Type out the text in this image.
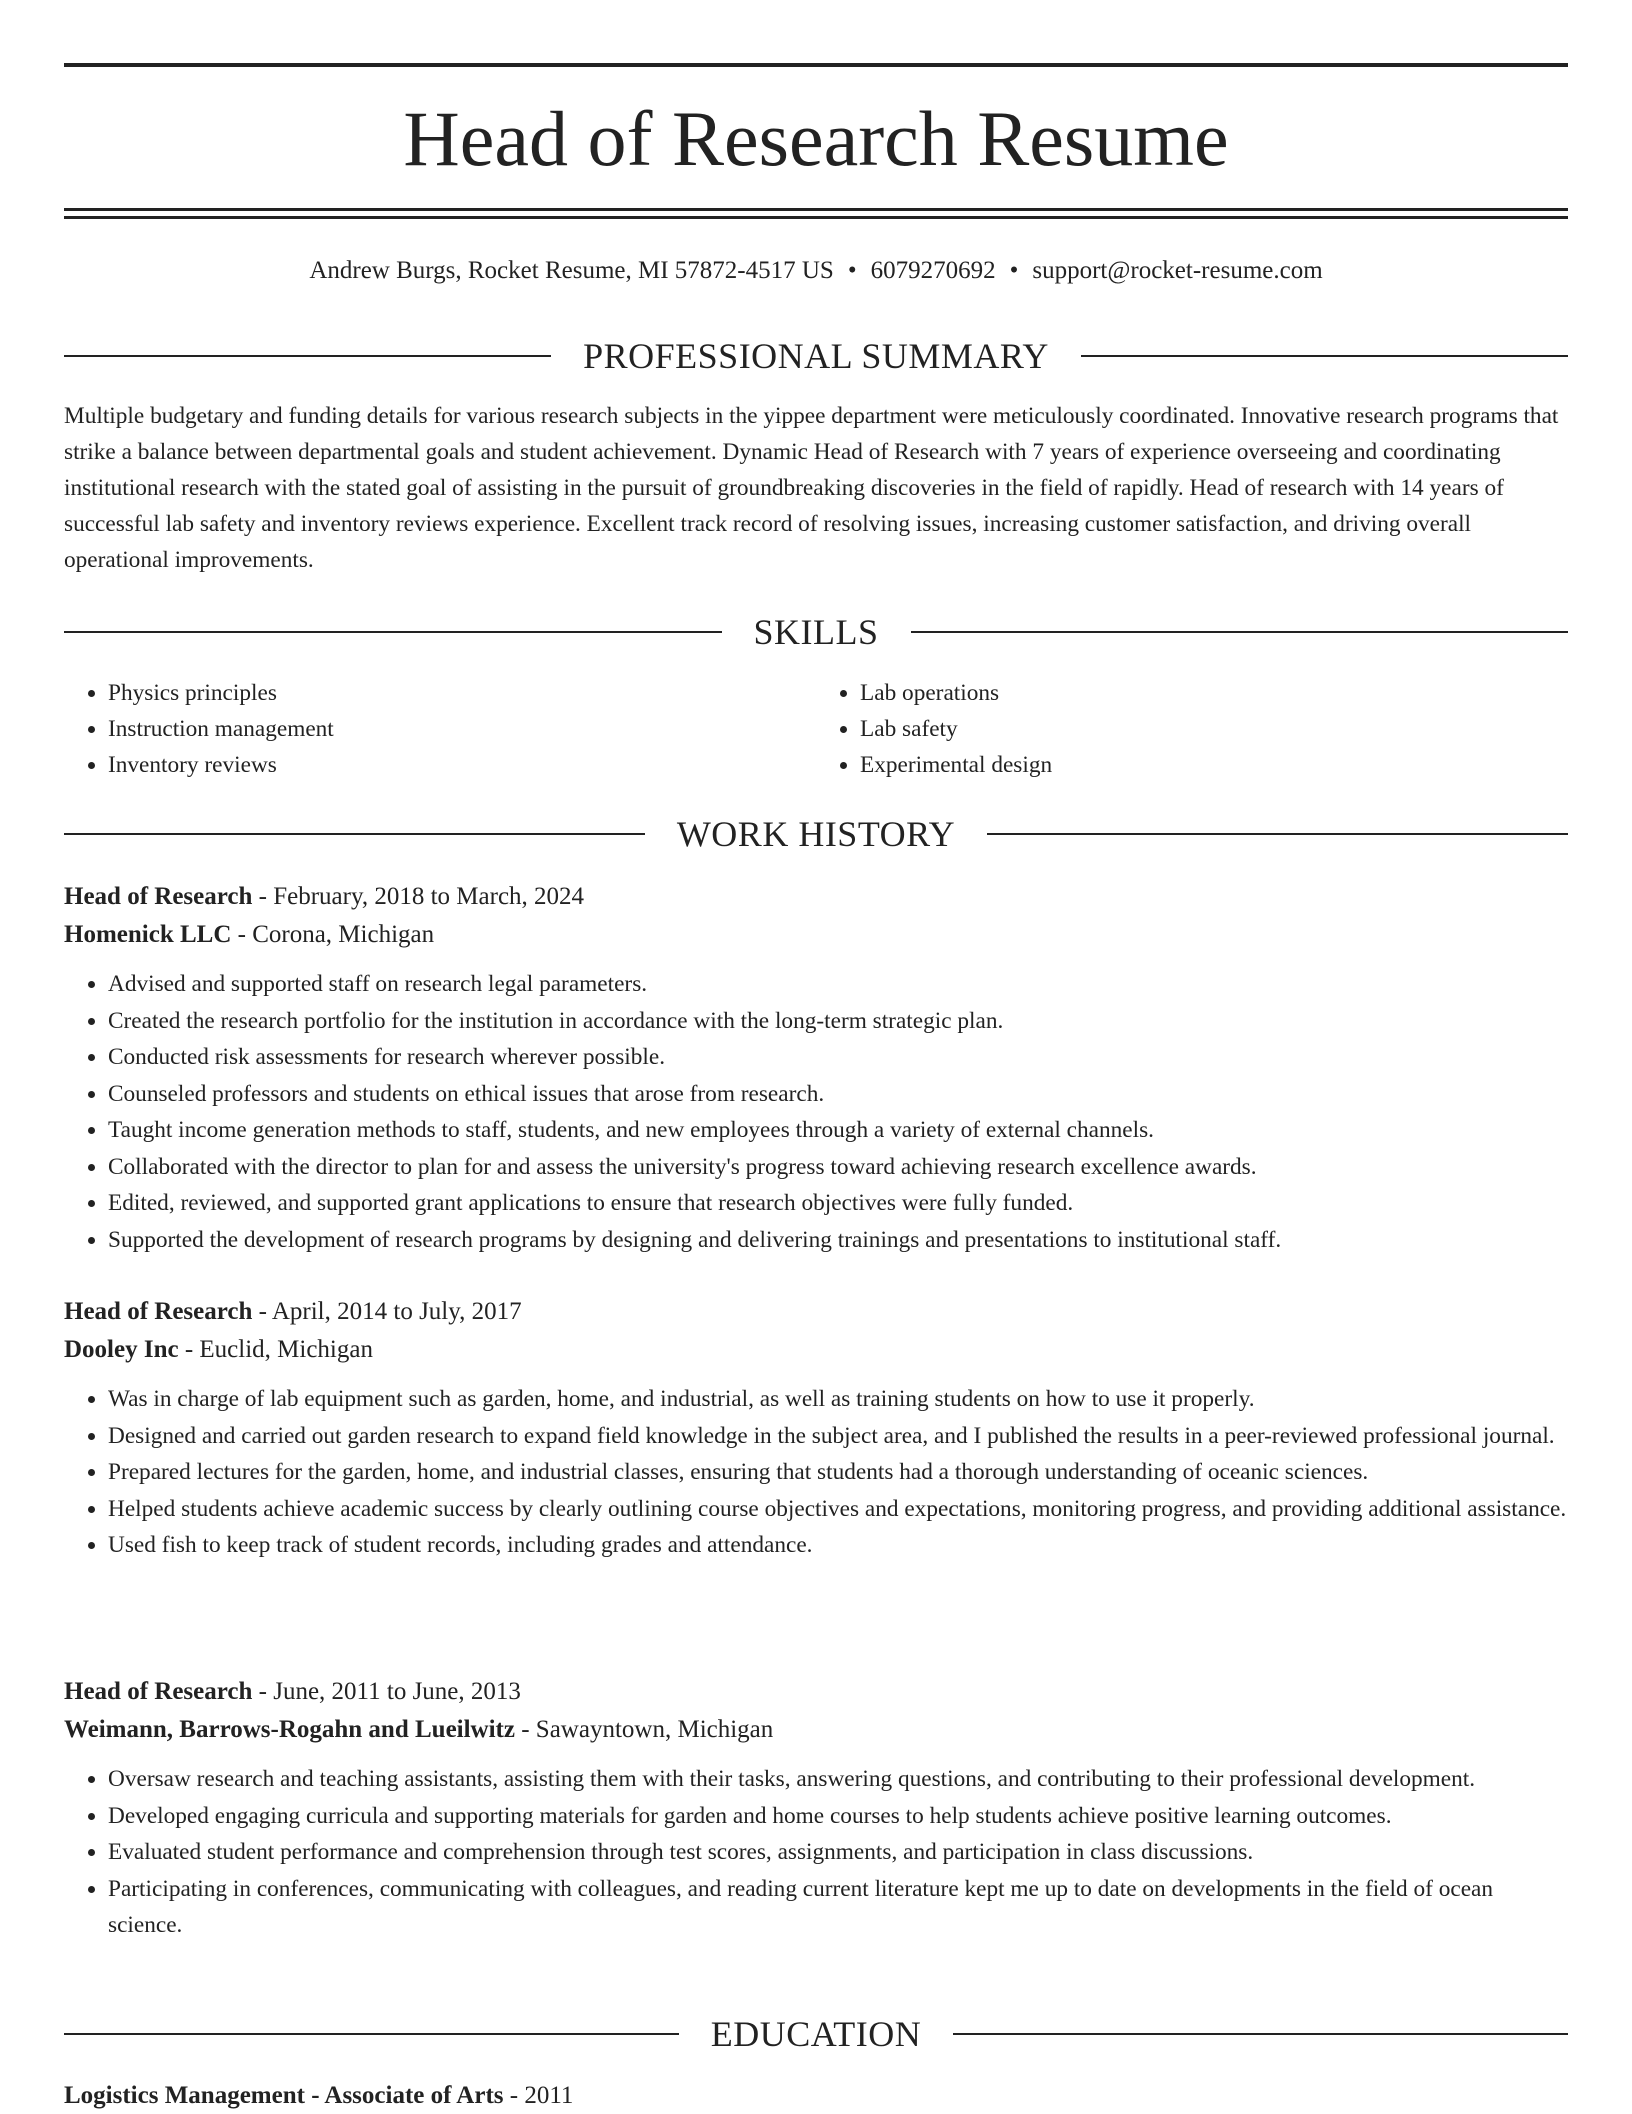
Head of Research Resume
Andrew Burgs, Rocket Resume, MI 57872-4517 US • 6079270692 • support@rocket-resume.com
PROFESSIONAL SUMMARY

Multiple budgetary and funding details for various research subjects in the yippee department were meticulously coordinated. Innovative research programs that strike a balance between departmental goals and student achievement. Dynamic Head of Research with 7 years of experience overseeing and coordinating institutional research with the stated goal of assisting in the pursuit of groundbreaking discoveries in the field of rapidly. Head of research with 14 years of successful lab safety and inventory reviews experience. Excellent track record of resolving issues, increasing customer satisfaction, and driving overall operational improvements.

SKILLS
• Physics principles
• Instruction management
• Inventory reviews
• Lab operations
• Lab safety
• Experimental design
WORK HISTORY
Head of Research - February, 2018 to March, 2024
Homenick LLC - Corona, Michigan
• Advised and supported staff on research legal parameters.
• Created the research portfolio for the institution in accordance with the long-term strategic plan.
• Conducted risk assessments for research wherever possible.
• Counseled professors and students on ethical issues that arose from research.
• Taught income generation methods to staff, students, and new employees through a variety of external channels.
• Collaborated with the director to plan for and assess the university's progress toward achieving research excellence awards.
• Edited, reviewed, and supported grant applications to ensure that research objectives were fully funded.
• Supported the development of research programs by designing and delivering trainings and presentations to institutional staff.
Head of Research - April, 2014 to July, 2017
Dooley Inc - Euclid, Michigan
• Was in charge of lab equipment such as garden, home, and industrial, as well as training students on how to use it properly.
• Designed and carried out garden research to expand field knowledge in the subject area, and I published the results in a peer-reviewed professional journal.
• Prepared lectures for the garden, home, and industrial classes, ensuring that students had a thorough understanding of oceanic sciences.
• Helped students achieve academic success by clearly outlining course objectives and expectations, monitoring progress, and providing additional assistance.
• Used fish to keep track of student records, including grades and attendance.
Head of Research - June, 2011 to June, 2013
Weimann, Barrows-Rogahn and Lueilwitz - Sawayntown, Michigan
• Oversaw research and teaching assistants, assisting them with their tasks, answering questions, and contributing to their professional development.
• Developed engaging curricula and supporting materials for garden and home courses to help students achieve positive learning outcomes.
• Evaluated student performance and comprehension through test scores, assignments, and participation in class discussions.
• Participating in conferences, communicating with colleagues, and reading current literature kept me up to date on developments in the field of ocean science.
EDUCATION
Logistics Management - Associate of Arts - 2011
